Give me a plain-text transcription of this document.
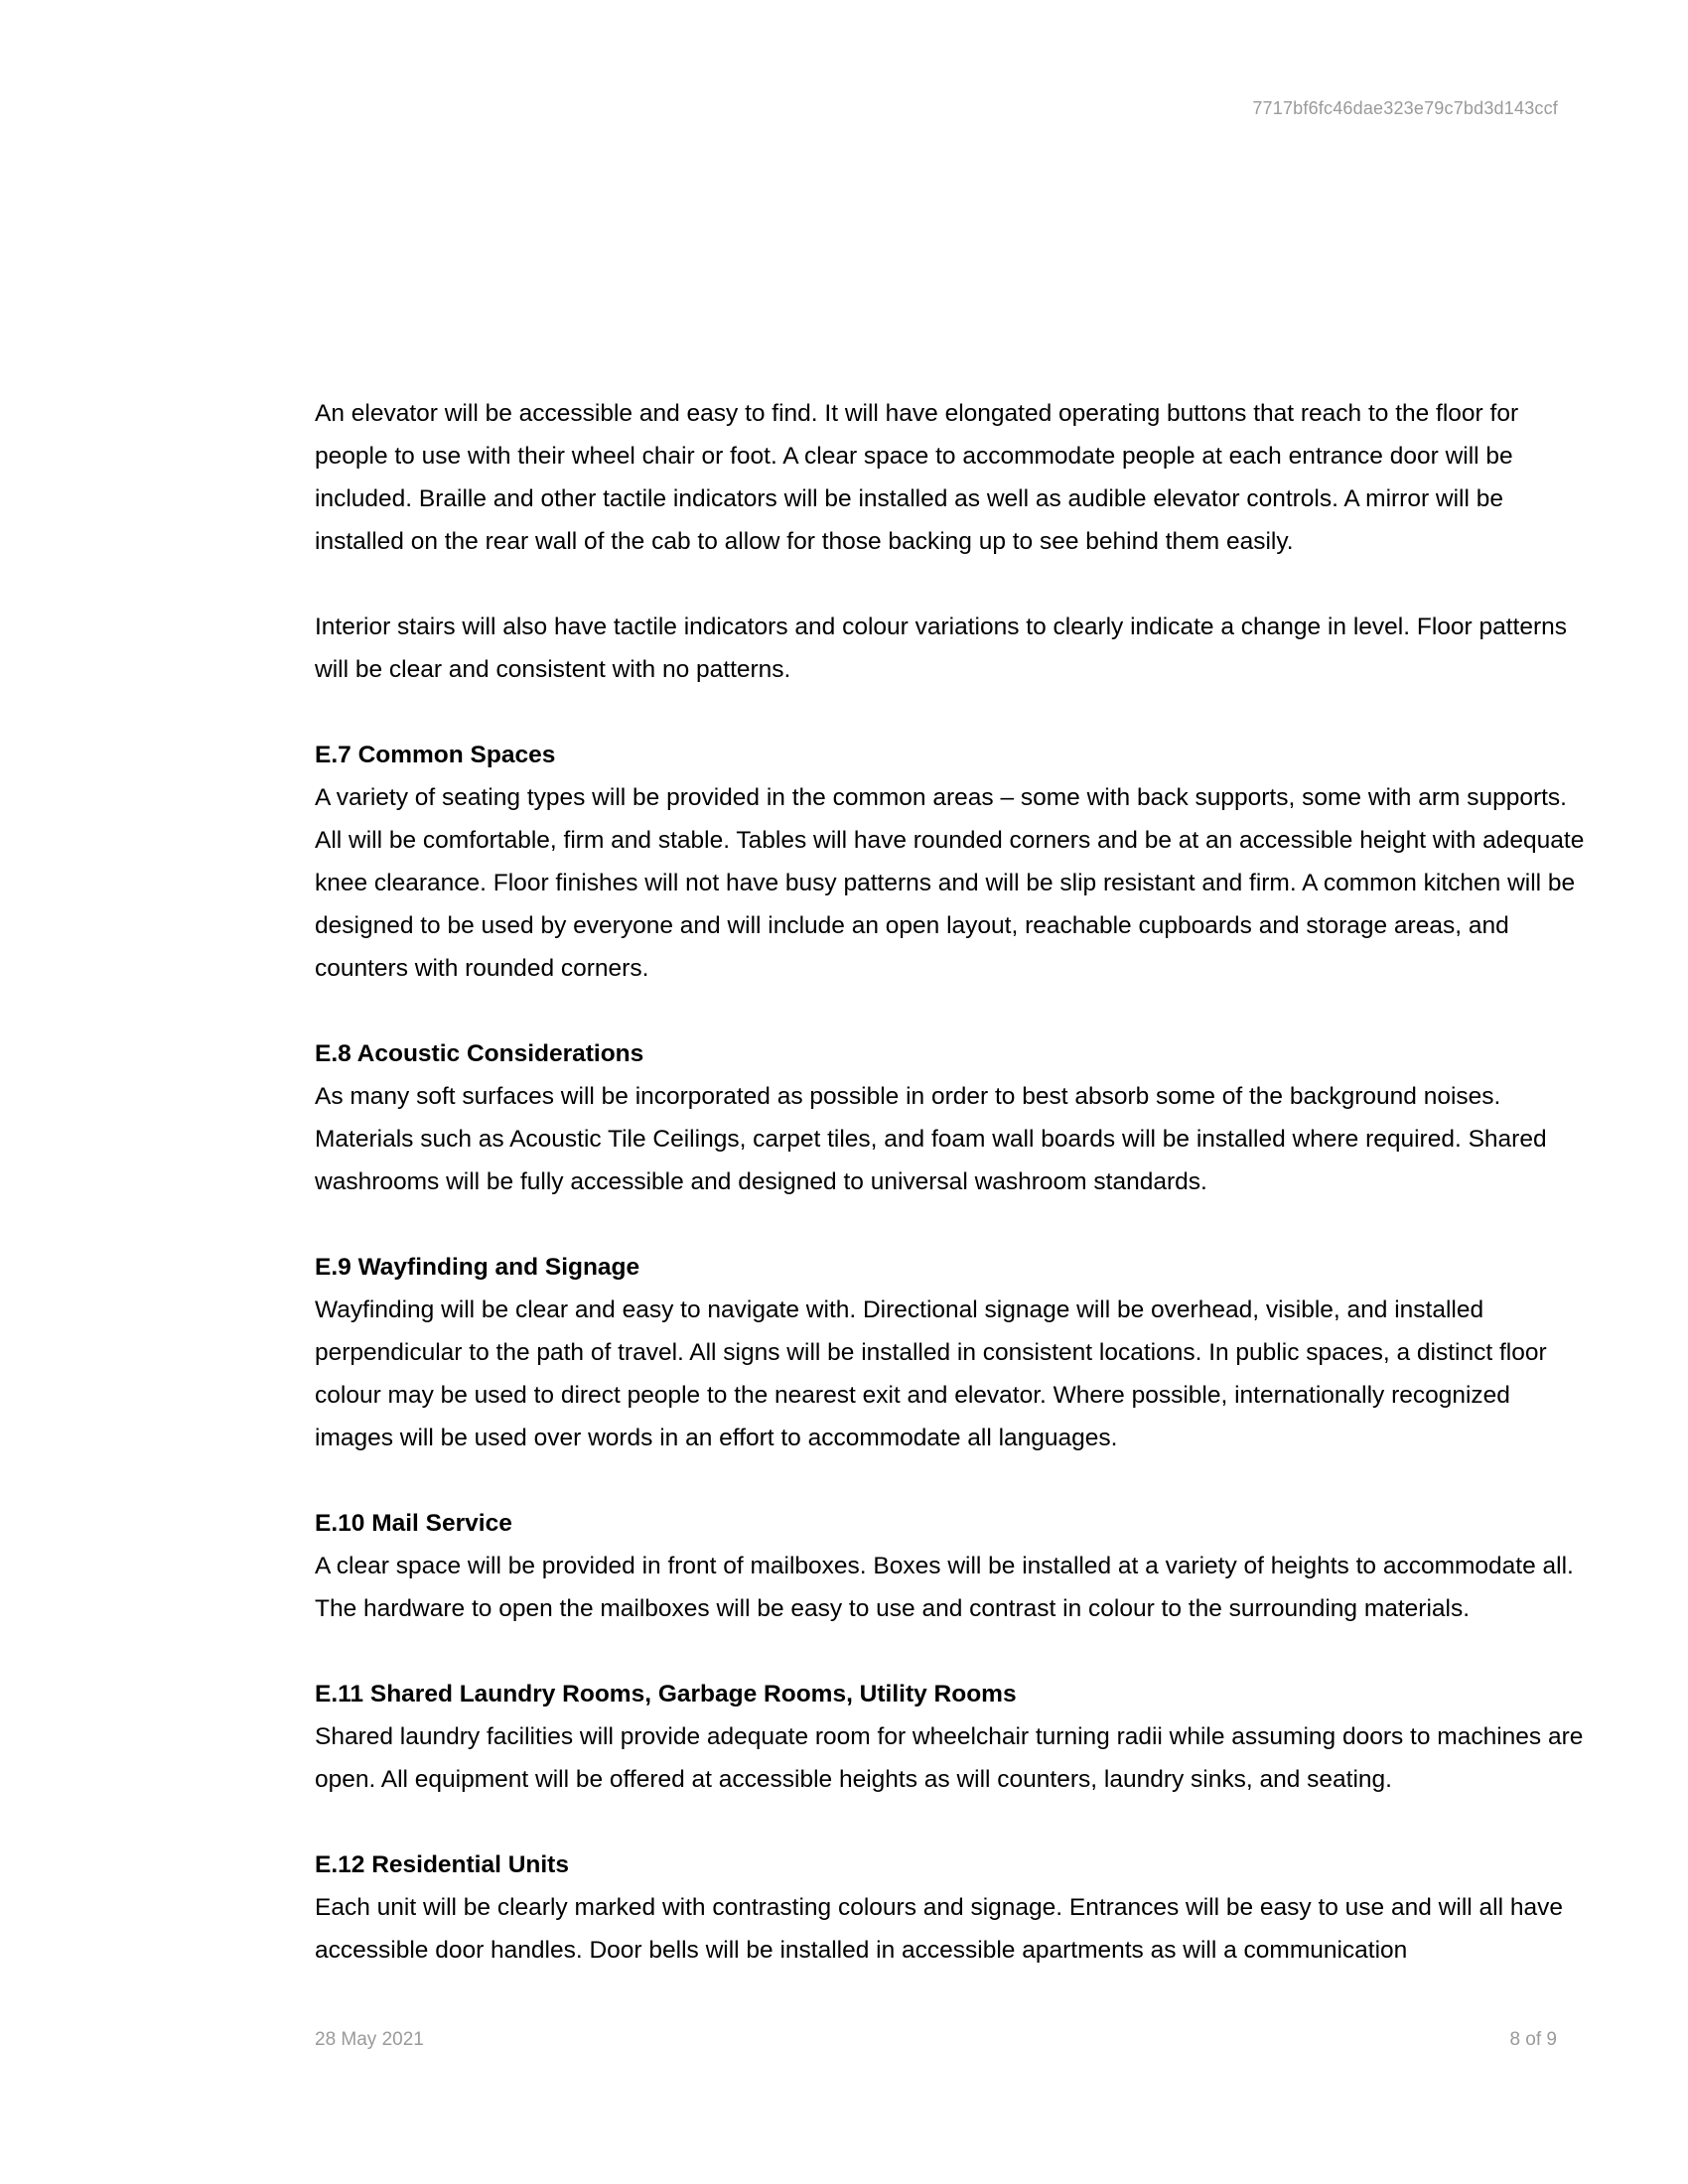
7717bf6fc46dae323e79c7bd3d143ccf

An elevator will be accessible and easy to find. It will have elongated operating buttons that reach to the floor for people to use with their wheel chair or foot. A clear space to accommodate people at each entrance door will be included. Braille and other tactile indicators will be installed as well as audible elevator controls. A mirror will be installed on the rear wall of the cab to allow for those backing up to see behind them easily.

Interior stairs will also have tactile indicators and colour variations to clearly indicate a change in level. Floor patterns will be clear and consistent with no patterns.

E.7 Common Spaces

A variety of seating types will be provided in the common areas – some with back supports, some with arm supports. All will be comfortable, firm and stable. Tables will have rounded corners and be at an accessible height with adequate knee clearance. Floor finishes will not have busy patterns and will be slip resistant and firm. A common kitchen will be designed to be used by everyone and will include an open layout, reachable cupboards and storage areas, and counters with rounded corners.

E.8 Acoustic Considerations

As many soft surfaces will be incorporated as possible in order to best absorb some of the background noises. Materials such as Acoustic Tile Ceilings, carpet tiles, and foam wall boards will be installed where required. Shared washrooms will be fully accessible and designed to universal washroom standards.

E.9 Wayfinding and Signage

Wayfinding will be clear and easy to navigate with. Directional signage will be overhead, visible, and installed perpendicular to the path of travel. All signs will be installed in consistent locations. In public spaces, a distinct floor colour may be used to direct people to the nearest exit and elevator. Where possible, internationally recognized images will be used over words in an effort to accommodate all languages.

E.10 Mail Service

A clear space will be provided in front of mailboxes. Boxes will be installed at a variety of heights to accommodate all. The hardware to open the mailboxes will be easy to use and contrast in colour to the surrounding materials.

E.11 Shared Laundry Rooms, Garbage Rooms, Utility Rooms

Shared laundry facilities will provide adequate room for wheelchair turning radii while assuming doors to machines are open. All equipment will be offered at accessible heights as will counters, laundry sinks, and seating.

E.12 Residential Units

Each unit will be clearly marked with contrasting colours and signage. Entrances will be easy to use and will all have accessible door handles. Door bells will be installed in accessible apartments as will a communication

28 May 2021	8 of 9
